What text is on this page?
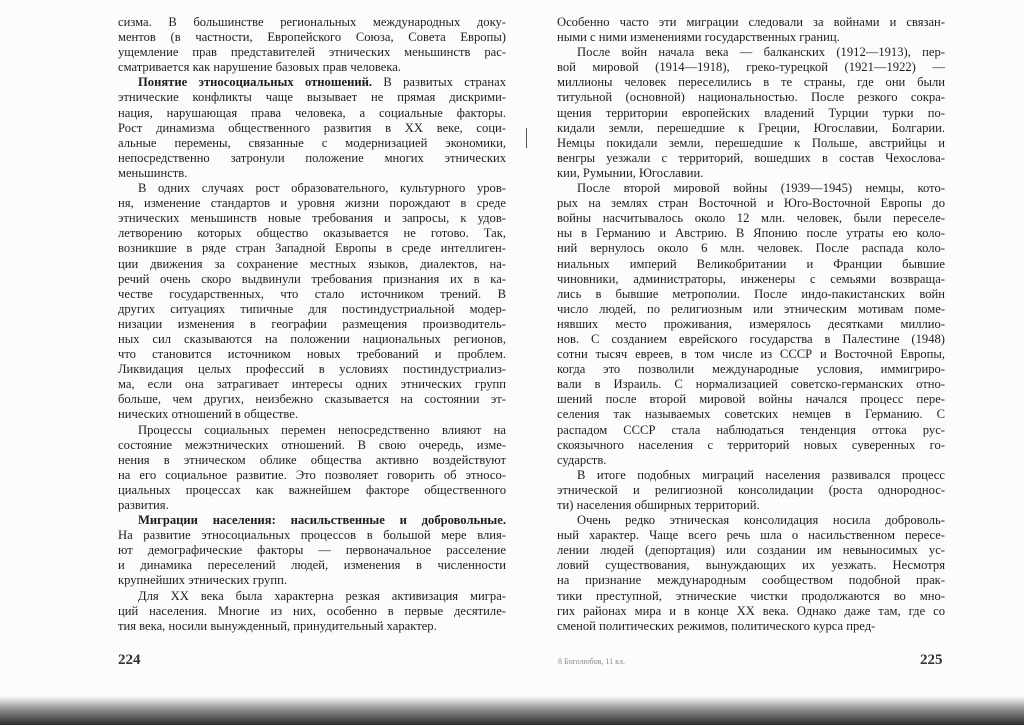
сизма. В большинстве региональных международных доку-
ментов (в частности, Европейского Союза, Совета Европы)
ущемление прав представителей этнических меньшинств рас-
сматривается как нарушение базовых прав человека.
Понятие этносоциальных отношений. В развитых странах
этнические конфликты чаще вызывает не прямая дискрими-
нация, нарушающая права человека, а социальные факторы.
Рост динамизма общественного развития в XX веке, соци-
альные перемены, связанные с модернизацией экономики,
непосредственно затронули положение многих этнических
меньшинств.
В одних случаях рост образовательного, культурного уров-
ня, изменение стандартов и уровня жизни порождают в среде
этнических меньшинств новые требования и запросы, к удов-
летворению которых общество оказывается не готово. Так,
возникшие в ряде стран Западной Европы в среде интеллиген-
ции движения за сохранение местных языков, диалектов, на-
речий очень скоро выдвинули требования признания их в ка-
честве государственных, что стало источником трений. В
других ситуациях типичные для постиндустриальной модер-
низации изменения в географии размещения производитель-
ных сил сказываются на положении национальных регионов,
что становится источником новых требований и проблем.
Ликвидация целых профессий в условиях постиндустриализ-
ма, если она затрагивает интересы одних этнических групп
больше, чем других, неизбежно сказывается на состоянии эт-
нических отношений в обществе.
Процессы социальных перемен непосредственно влияют на
состояние межэтнических отношений. В свою очередь, изме-
нения в этническом облике общества активно воздействуют
на его социальное развитие. Это позволяет говорить об этносо-
циальных процессах как важнейшем факторе общественного
развития.
Миграции населения: насильственные и добровольные.
На развитие этносоциальных процессов в большой мере влия-
ют демографические факторы — первоначальное расселение
и динамика переселений людей, изменения в численности
крупнейших этнических групп.
Для XX века была характерна резкая активизация мигра-
ций населения. Многие из них, особенно в первые десятиле-
тия века, носили вынужденный, принудительный характер.
Особенно часто эти миграции следовали за войнами и связан-
ными с ними изменениями государственных границ.
После войн начала века — балканских (1912—1913), пер-
вой мировой (1914—1918), греко-турецкой (1921—1922) —
миллионы человек переселились в те страны, где они были
титульной (основной) национальностью. После резкого сокра-
щения территории европейских владений Турции турки по-
кидали земли, перешедшие к Греции, Югославии, Болгарии.
Немцы покидали земли, перешедшие к Польше, австрийцы и
венгры уезжали с территорий, вошедших в состав Чехослова-
кии, Румынии, Югославии.
После второй мировой войны (1939—1945) немцы, кото-
рых на землях стран Восточной и Юго-Восточной Европы до
войны насчитывалось около 12 млн. человек, были переселе-
ны в Германию и Австрию. В Японию после утраты ею коло-
ний вернулось около 6 млн. человек. После распада коло-
ниальных империй Великобритании и Франции бывшие
чиновники, администраторы, инженеры с семьями возвраща-
лись в бывшие метрополии. После индо-пакистанских войн
число людей, по религиозным или этническим мотивам поме-
нявших место проживания, измерялось десятками миллио-
нов. С созданием еврейского государства в Палестине (1948)
сотни тысяч евреев, в том числе из СССР и Восточной Европы,
когда это позволили международные условия, иммигриро-
вали в Израиль. С нормализацией советско-германских отно-
шений после второй мировой войны начался процесс пере-
селения так называемых советских немцев в Германию. С
распадом СССР стала наблюдаться тенденция оттока рус-
скоязычного населения с территорий новых суверенных го-
сударств.
В итоге подобных миграций населения развивался процесс
этнической и религиозной консолидации (роста однороднос-
ти) населения обширных территорий.
Очень редко этническая консолидация носила доброволь-
ный характер. Чаще всего речь шла о насильственном пересе-
лении людей (депортация) или создании им невыносимых ус-
ловий существования, вынуждающих их уезжать. Несмотря
на признание международным сообществом подобной прак-
тики преступной, этнические чистки продолжаются во мно-
гих районах мира и в конце XX века. Однако даже там, где со
сменой политических режимов, политического курса пред-
224	8 Боголюбов, 11 кл.	225
